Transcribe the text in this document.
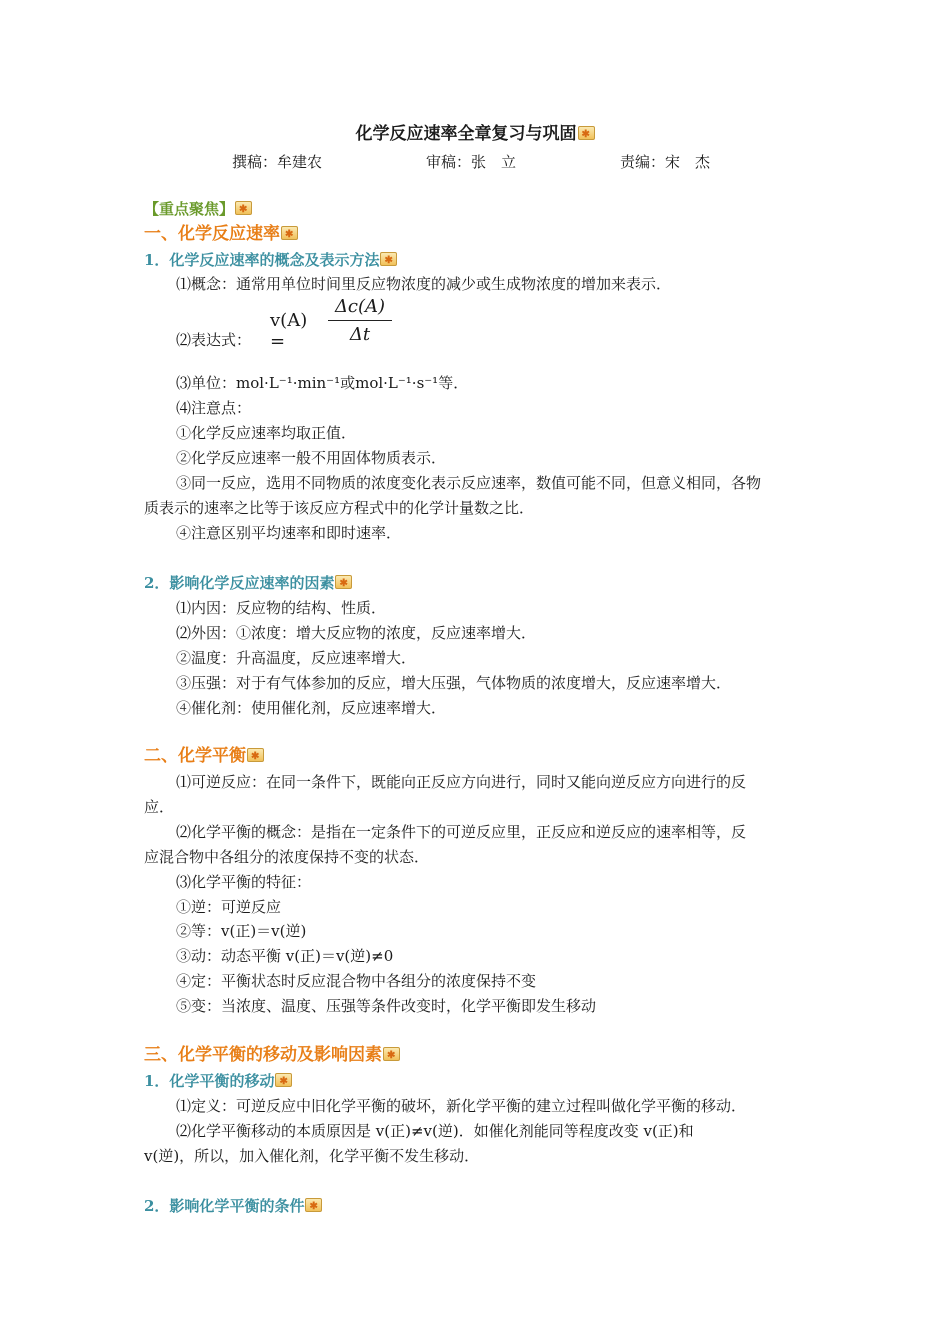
化学反应速率全章复习与巩固✱
撰稿：牟建农	审稿：张　立	责编：宋　杰
【重点聚焦】✱
一、化学反应速率✱
1．化学反应速率的概念及表示方法✱
⑴概念：通常用单位时间里反应物浓度的减少或生成物浓度的增加来表示．
v(A) =
Δc(A)
Δt
⑵表达式：
⑶单位：mol·L⁻¹·min⁻¹或mol·L⁻¹·s⁻¹等．
⑷注意点：
①化学反应速率均取正值．
②化学反应速率一般不用固体物质表示．
③同一反应，选用不同物质的浓度变化表示反应速率，数值可能不同，但意义相同，各物
质表示的速率之比等于该反应方程式中的化学计量数之比．
④注意区别平均速率和即时速率．
2．影响化学反应速率的因素✱
⑴内因：反应物的结构、性质．
⑵外因：①浓度：增大反应物的浓度，反应速率增大．
②温度：升高温度，反应速率增大．
③压强：对于有气体参加的反应，增大压强，气体物质的浓度增大，反应速率增大．
④催化剂：使用催化剂，反应速率增大．
二、化学平衡✱
⑴可逆反应：在同一条件下，既能向正反应方向进行，同时又能向逆反应方向进行的反
应．
⑵化学平衡的概念：是指在一定条件下的可逆反应里，正反应和逆反应的速率相等，反
应混合物中各组分的浓度保持不变的状态．
⑶化学平衡的特征：
①逆：可逆反应
②等：v(正)＝v(逆)
③动：动态平衡 v(正)＝v(逆)≠0
④定：平衡状态时反应混合物中各组分的浓度保持不变
⑤变：当浓度、温度、压强等条件改变时，化学平衡即发生移动
三、化学平衡的移动及影响因素✱
1．化学平衡的移动✱
⑴定义：可逆反应中旧化学平衡的破坏，新化学平衡的建立过程叫做化学平衡的移动．
⑵化学平衡移动的本质原因是 v(正)≠v(逆)．如催化剂能同等程度改变 v(正)和
v(逆)，所以，加入催化剂，化学平衡不发生移动．
2．影响化学平衡的条件✱
